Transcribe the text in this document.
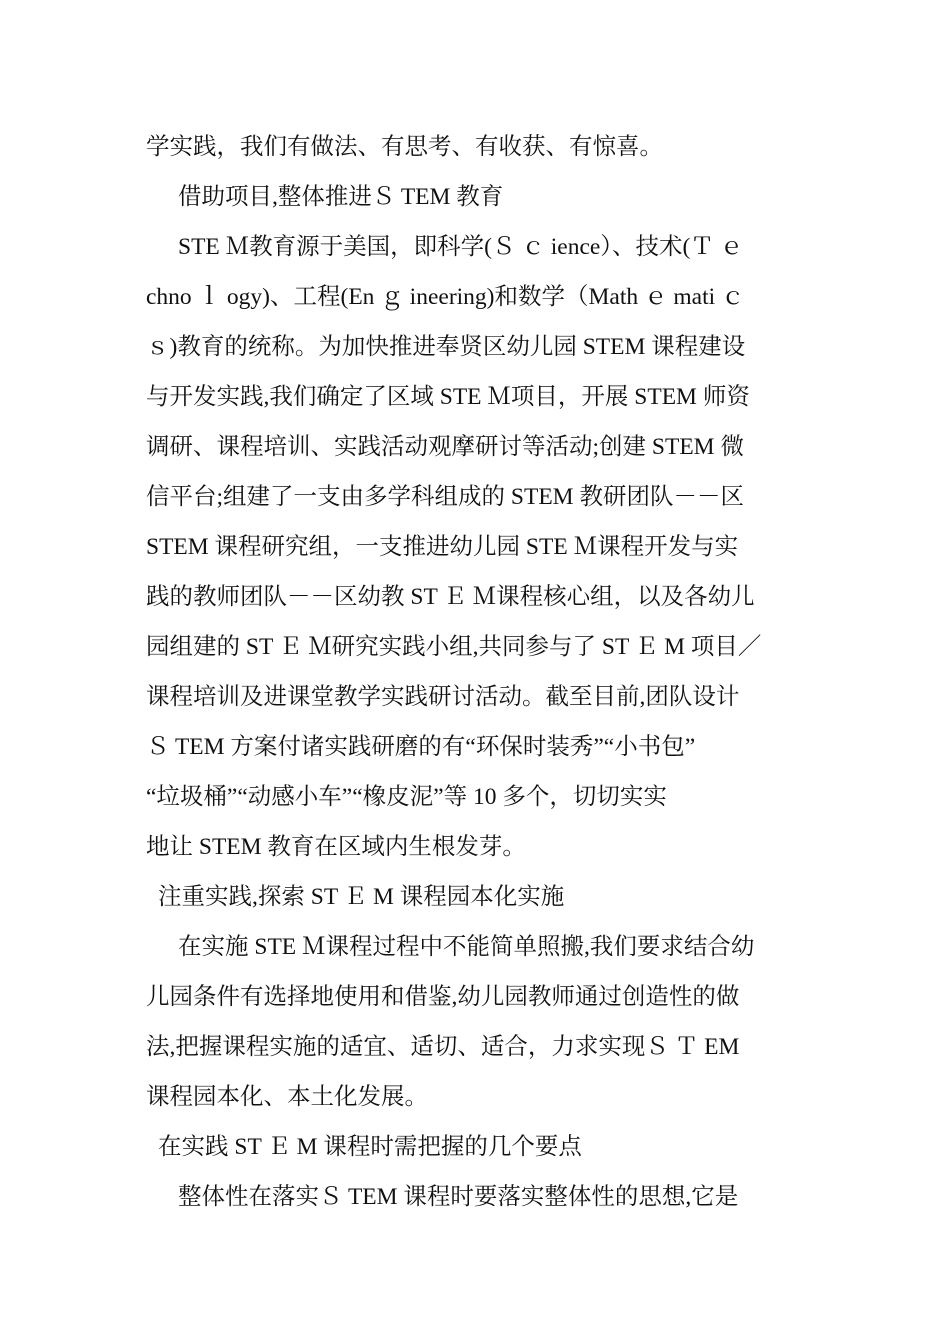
学实践，我们有做法、有思考、有收获、有惊喜。
借助项目,整体推进Ｓ TEM 教育
STE Ｍ教育源于美国，即科学(Ｓ ｃ ience）、技术(Ｔ ｅ
chno ｌ ogy)、工程(En ｇ ineering)和数学（Math ｅ mati ｃ
ｓ)教育的统称。为加快推进奉贤区幼儿园 STEM 课程建设
与开发实践,我们确定了区域 STE Ｍ项目，开展 STEM 师资
调研、课程培训、实践活动观摩研讨等活动;创建 STEM 微
信平台;组建了一支由多学科组成的 STEM 教研团队－－区
STEM 课程研究组，一支推进幼儿园 STE Ｍ课程开发与实
践的教师团队－－区幼教 ST Ｅ Ｍ课程核心组，以及各幼儿
园组建的 ST Ｅ Ｍ研究实践小组,共同参与了 ST Ｅ M 项目／
课程培训及进课堂教学实践研讨活动。截至目前,团队设计
Ｓ TEM 方案付诸实践研磨的有“环保时装秀”“小书包”
“垃圾桶”“动感小车”“橡皮泥”等 10 多个，切切实实
地让 STEM 教育在区域内生根发芽。
注重实践,探索 ST Ｅ M 课程园本化实施
在实施 STE Ｍ课程过程中不能简单照搬,我们要求结合幼
儿园条件有选择地使用和借鉴,幼儿园教师通过创造性的做
法,把握课程实施的适宜、适切、适合，力求实现Ｓ Ｔ EM
课程园本化、本土化发展。
在实践 ST Ｅ M 课程时需把握的几个要点
整体性在落实Ｓ TEM 课程时要落实整体性的思想,它是
